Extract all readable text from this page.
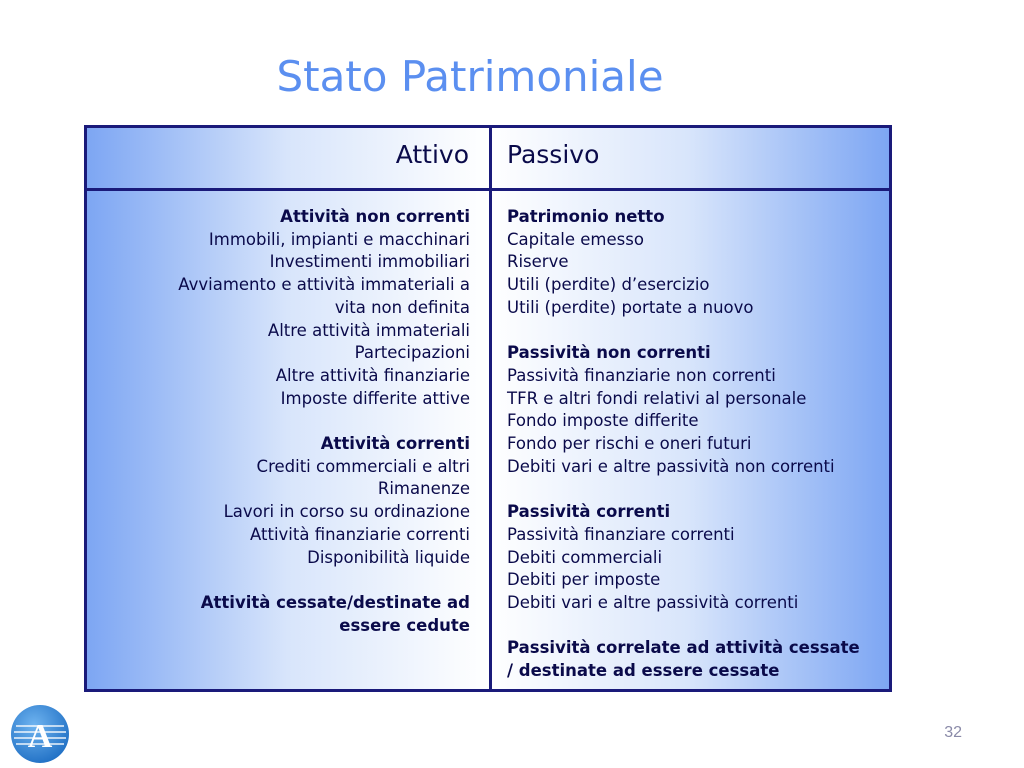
Stato Patrimoniale
Attivo Passivo
Attività non correnti
Immobili, impianti e macchinari
Investimenti immobiliari
Avviamento e attività immateriali a
vita non definita
Altre attività immateriali
Partecipazioni
Altre attività finanziarie
Imposte differite attive
Attività correnti
Crediti commerciali e altri
Rimanenze
Lavori in corso su ordinazione
Attività finanziarie correnti
Disponibilità liquide
Attività cessate/destinate ad
essere cedute
Patrimonio netto
Capitale emesso
Riserve
Utili (perdite) d’esercizio
Utili (perdite) portate a nuovo
Passività non correnti
Passività finanziarie non correnti
TFR e altri fondi relativi al personale
Fondo imposte differite
Fondo per rischi e oneri futuri
Debiti vari e altre passività non correnti
Passività correnti
Passività finanziare correnti
Debiti commerciali
Debiti per imposte
Debiti vari e altre passività correnti
Passività correlate ad attività cessate
/ destinate ad essere cessate
A	32
